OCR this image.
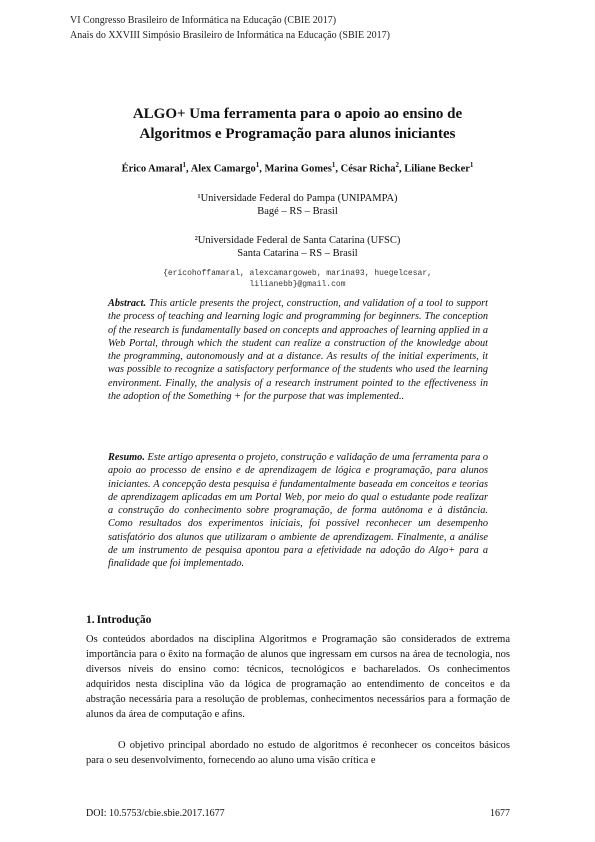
VI Congresso Brasileiro de Informática na Educação (CBIE 2017)
Anais do XXVIII Simpósio Brasileiro de Informática na Educação (SBIE 2017)
ALGO+ Uma ferramenta para o apoio ao ensino de
Algoritmos e Programação para alunos iniciantes
Érico Amaral$^1$, Alex Camargo$^1$, Marina Gomes$^1$, César Richa$^2$, Liliane Becker$^1$
¹Universidade Federal do Pampa (UNIPAMPA)
Bagé – RS – Brasil
²Universidade Federal de Santa Catarina (UFSC)
Santa Catarina – RS – Brasil
{ericohoffamaral, alexcamargoweb, marina93, huegelcesar,
lilianebb}@gmail.com

Abstract. This article presents the project, construction, and validation of a tool to support the process of teaching and learning logic and programming for beginners. The conception of the research is fundamentally based on concepts and approaches of learning applied in a Web Portal, through which the student can realize a construction of the knowledge about the programming, autonomously and at a distance. As results of the initial experiments, it was possible to recognize a satisfactory performance of the students who used the learning environment. Finally, the analysis of a research instrument pointed to the effectiveness in the adoption of the Something + for the purpose that was implemented..

Resumo. Este artigo apresenta o projeto, construção e validação de uma ferramenta para o apoio ao processo de ensino e de aprendizagem de lógica e programação, para alunos iniciantes. A concepção desta pesquisa é fundamentalmente baseada em conceitos e teorias de aprendizagem aplicadas em um Portal Web, por meio do qual o estudante pode realizar a construção do conhecimento sobre programação, de forma autônoma e à distância. Como resultados dos experimentos iniciais, foi possível reconhecer um desempenho satisfatório dos alunos que utilizaram o ambiente de aprendizagem. Finalmente, a análise de um instrumento de pesquisa apontou para a efetividade na adoção do Algo+ para a finalidade que foi implementado.

1. Introdução

Os conteúdos abordados na disciplina Algoritmos e Programação são considerados de extrema importância para o êxito na formação de alunos que ingressam em cursos na área de tecnologia, nos diversos níveis do ensino como: técnicos, tecnológicos e bacharelados. Os conhecimentos adquiridos nesta disciplina vão da lógica de programação ao entendimento de conceitos e da abstração necessária para a resolução de problemas, conhecimentos necessários para a formação de alunos da área de computação e afins.

O objetivo principal abordado no estudo de algoritmos é reconhecer os conceitos básicos para o seu desenvolvimento, fornecendo ao aluno uma visão crítica e

DOI: 10.5753/cbie.sbie.2017.1677	1677
